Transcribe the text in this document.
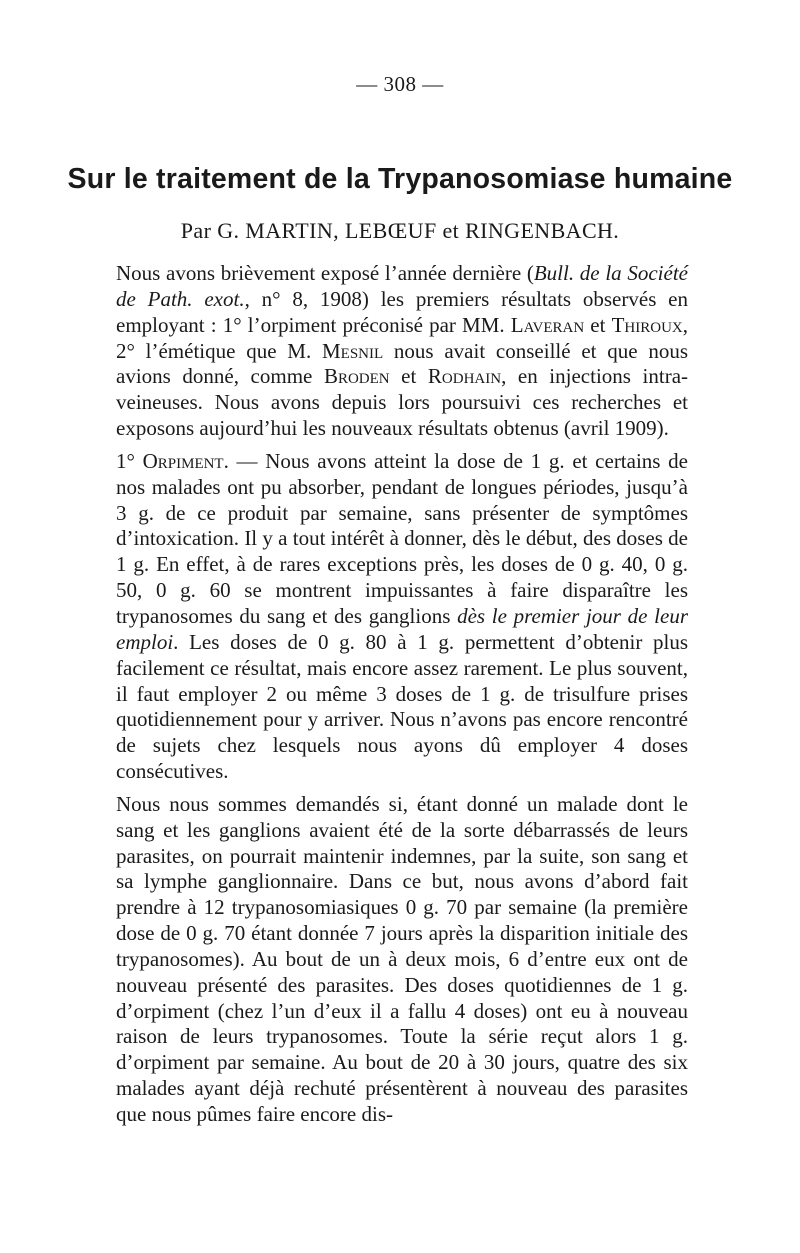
— 308 —
Sur le traitement de la Trypanosomiase humaine
Par G. MARTIN, LEBŒUF et RINGENBACH.

Nous avons brièvement exposé l’année dernière (Bull. de la Société de Path. exot., n° 8, 1908) les premiers résultats observés en employant : 1° l’orpiment préconisé par MM. Laveran et Thiroux, 2° l’émétique que M. Mesnil nous avait conseillé et que nous avions donné, comme Broden et Rodhain, en injections intra-veineuses. Nous avons depuis lors poursuivi ces recherches et exposons aujourd’hui les nouveaux résultats obtenus (avril 1909).

1° Orpiment. — Nous avons atteint la dose de 1 g. et certains de nos malades ont pu absorber, pendant de longues périodes, jusqu’à 3 g. de ce produit par semaine, sans présenter de symptômes d’intoxication. Il y a tout intérêt à donner, dès le début, des doses de 1 g. En effet, à de rares exceptions près, les doses de 0 g. 40, 0 g. 50, 0 g. 60 se montrent impuissantes à faire disparaître les trypanosomes du sang et des ganglions dès le premier jour de leur emploi. Les doses de 0 g. 80 à 1 g. permettent d’obtenir plus facilement ce résultat, mais encore assez rarement. Le plus souvent, il faut employer 2 ou même 3 doses de 1 g. de trisulfure prises quotidiennement pour y arriver. Nous n’avons pas encore rencontré de sujets chez lesquels nous ayons dû employer 4 doses consécutives.

Nous nous sommes demandés si, étant donné un malade dont le sang et les ganglions avaient été de la sorte débarrassés de leurs parasites, on pourrait maintenir indemnes, par la suite, son sang et sa lymphe ganglionnaire. Dans ce but, nous avons d’abord fait prendre à 12 trypanosomiasiques 0 g. 70 par semaine (la première dose de 0 g. 70 étant donnée 7 jours après la disparition initiale des trypanosomes). Au bout de un à deux mois, 6 d’entre eux ont de nouveau présenté des parasites. Des doses quotidiennes de 1 g. d’orpiment (chez l’un d’eux il a fallu 4 doses) ont eu à nouveau raison de leurs trypanosomes. Toute la série reçut alors 1 g. d’orpiment par semaine. Au bout de 20 à 30 jours, quatre des six malades ayant déjà rechuté présentèrent à nouveau des parasites que nous pûmes faire encore dis-
